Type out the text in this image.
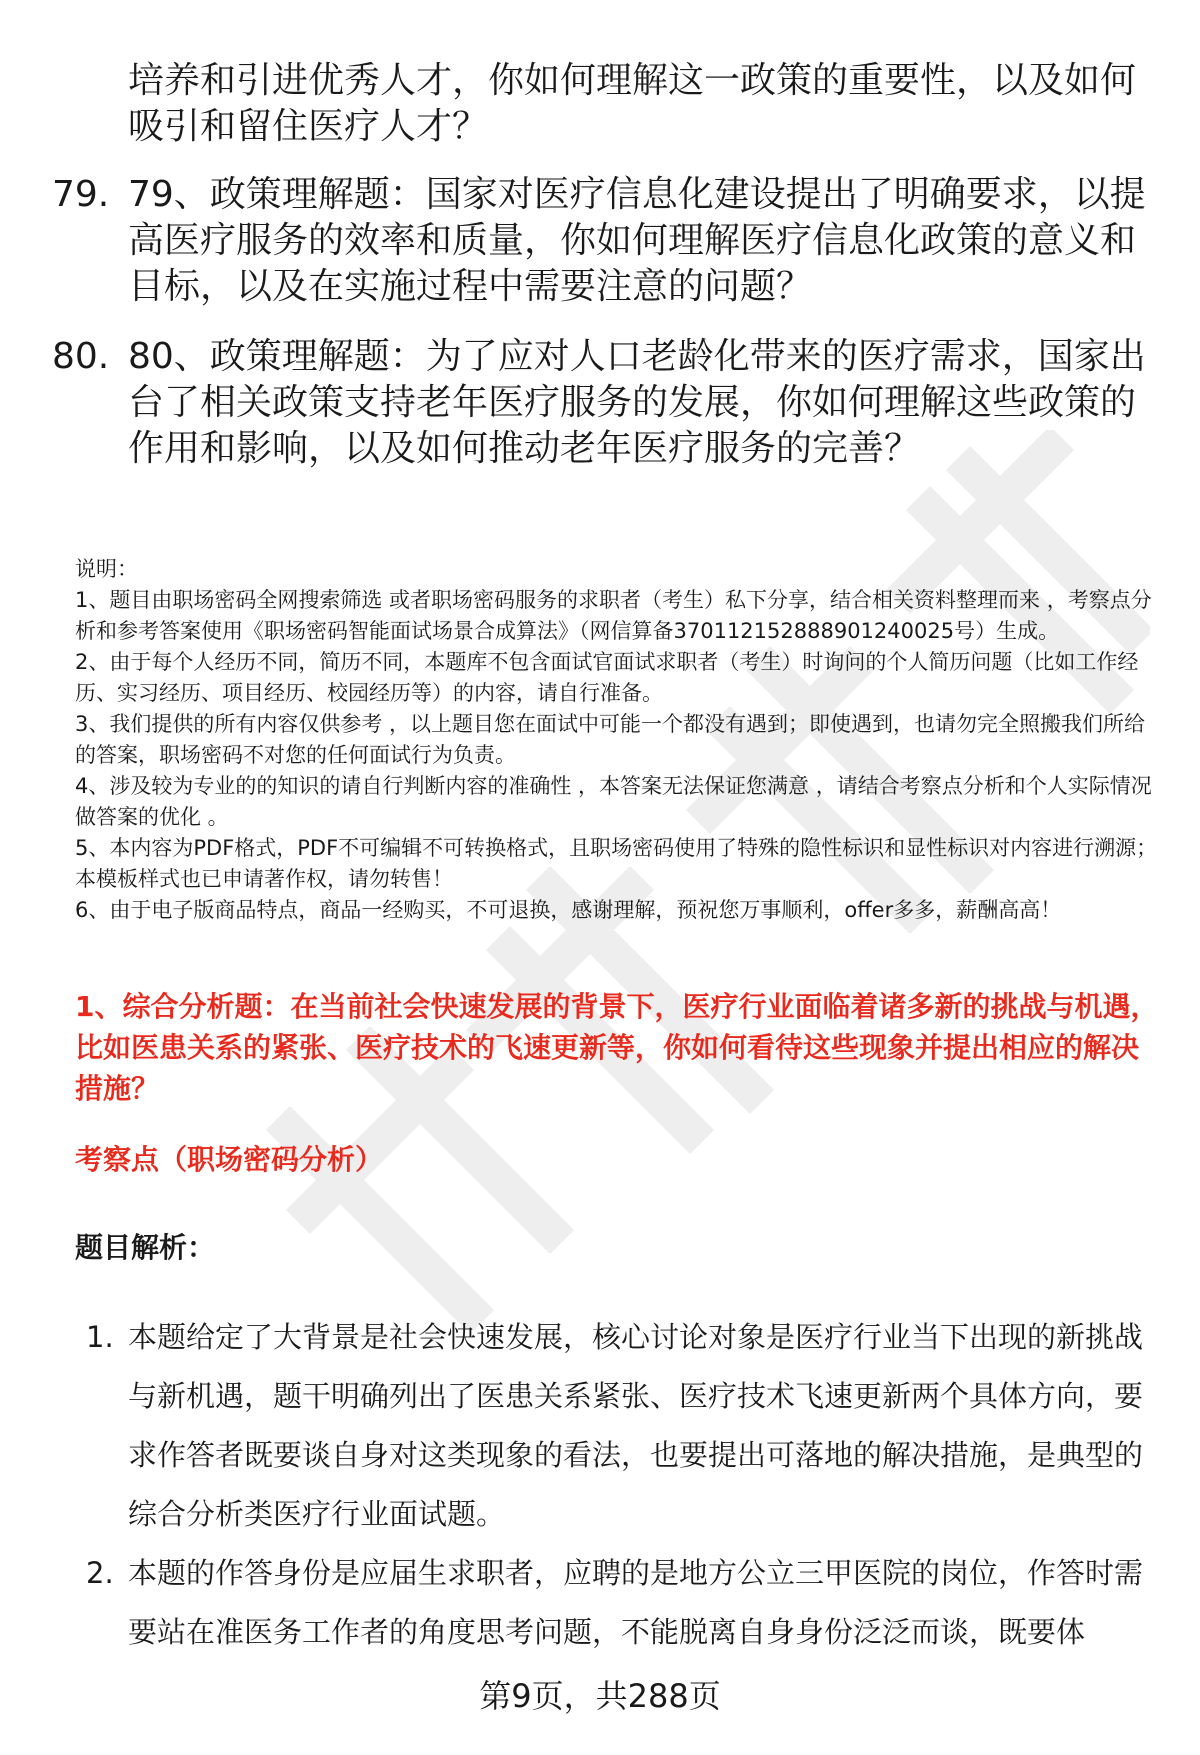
培养和引进优秀人才，你如何理解这一政策的重要性，以及如何吸引和留住医疗人才？
79. 79、政策理解题：国家对医疗信息化建设提出了明确要求，以提高医疗服务的效率和质量，你如何理解医疗信息化政策的意义和目标，以及在实施过程中需要注意的问题？
80. 80、政策理解题：为了应对人口老龄化带来的医疗需求，国家出台了相关政策支持老年医疗服务的发展，你如何理解这些政策的作用和影响，以及如何推动老年医疗服务的完善？
说明：
1、题目由职场密码全网搜索筛选 或者职场密码服务的求职者（考生）私下分享，结合相关资料整理而来 ，考察点分析和参考答案使用《职场密码智能面试场景合成算法》（网信算备370112152888901240025号）生成。
2、由于每个人经历不同，简历不同，本题库不包含面试官面试求职者（考生）时询问的个人简历问题（比如工作经历、实习经历、项目经历、校园经历等）的内容，请自行准备。
3、我们提供的所有内容仅供参考 ，以上题目您在面试中可能一个都没有遇到；即使遇到，也请勿完全照搬我们所给的答案，职场密码不对您的任何面试行为负责。
4、涉及较为专业的的知识的请自行判断内容的准确性 ，本答案无法保证您满意 ，请结合考察点分析和个人实际情况做答案的优化 。
5、本内容为PDF格式，PDF不可编辑不可转换格式，且职场密码使用了特殊的隐性标识和显性标识对内容进行溯源；本模板样式也已申请著作权，请勿转售！
6、由于电子版商品特点，商品一经购买，不可退换，感谢理解，预祝您万事顺利，offer多多，薪酬高高！
1、综合分析题：在当前社会快速发展的背景下，医疗行业面临着诸多新的挑战与机遇，比如医患关系的紧张、医疗技术的飞速更新等，你如何看待这些现象并提出相应的解决措施？
考察点（职场密码分析）
题目解析：
1. 本题给定了大背景是社会快速发展，核心讨论对象是医疗行业当下出现的新挑战与新机遇，题干明确列出了医患关系紧张、医疗技术飞速更新两个具体方向，要求作答者既要谈自身对这类现象的看法，也要提出可落地的解决措施，是典型的综合分析类医疗行业面试题。
2. 本题的作答身份是应届生求职者，应聘的是地方公立三甲医院的岗位，作答时需要站在准医务工作者的角度思考问题，不能脱离自身身份泛泛而谈，既要体
第9页，共288页
